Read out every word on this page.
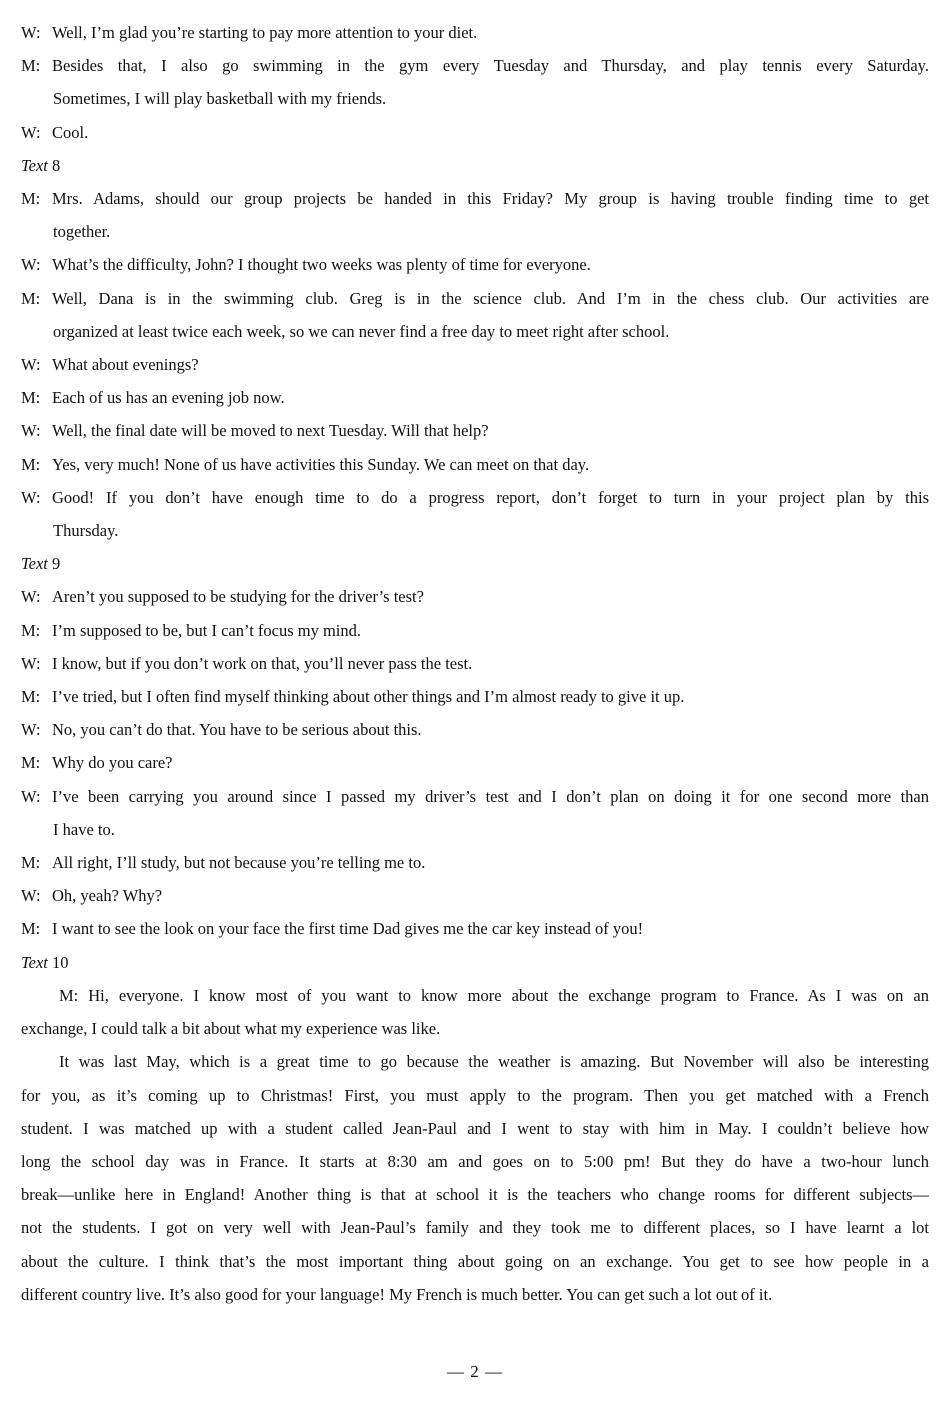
W: Well, I’m glad you’re starting to pay more attention to your diet.
M: Besides that, I also go swimming in the gym every Tuesday and Thursday, and play tennis every Saturday.
Sometimes, I will play basketball with my friends.
W: Cool.
Text 8
M: Mrs. Adams, should our group projects be handed in this Friday? My group is having trouble finding time to get
together.
W: What’s the difficulty, John? I thought two weeks was plenty of time for everyone.
M: Well, Dana is in the swimming club. Greg is in the science club. And I’m in the chess club. Our activities are
organized at least twice each week, so we can never find a free day to meet right after school.
W: What about evenings?
M: Each of us has an evening job now.
W: Well, the final date will be moved to next Tuesday. Will that help?
M: Yes, very much! None of us have activities this Sunday. We can meet on that day.
W: Good! If you don’t have enough time to do a progress report, don’t forget to turn in your project plan by this
Thursday.
Text 9
W: Aren’t you supposed to be studying for the driver’s test?
M: I’m supposed to be, but I can’t focus my mind.
W: I know, but if you don’t work on that, you’ll never pass the test.
M: I’ve tried, but I often find myself thinking about other things and I’m almost ready to give it up.
W: No, you can’t do that. You have to be serious about this.
M: Why do you care?
W: I’ve been carrying you around since I passed my driver’s test and I don’t plan on doing it for one second more than
I have to.
M: All right, I’ll study, but not because you’re telling me to.
W: Oh, yeah? Why?
M: I want to see the look on your face the first time Dad gives me the car key instead of you!
Text 10
M: Hi, everyone. I know most of you want to know more about the exchange program to France. As I was on an
exchange, I could talk a bit about what my experience was like.
It was last May, which is a great time to go because the weather is amazing. But November will also be interesting
for you, as it’s coming up to Christmas! First, you must apply to the program. Then you get matched with a French
student. I was matched up with a student called Jean-Paul and I went to stay with him in May. I couldn’t believe how
long the school day was in France. It starts at 8:30 am and goes on to 5:00 pm! But they do have a two-hour lunch
break—unlike here in England! Another thing is that at school it is the teachers who change rooms for different subjects—
not the students. I got on very well with Jean-Paul’s family and they took me to different places, so I have learnt a lot
about the culture. I think that’s the most important thing about going on an exchange. You get to see how people in a
different country live. It’s also good for your language! My French is much better. You can get such a lot out of it.
— 2 —
